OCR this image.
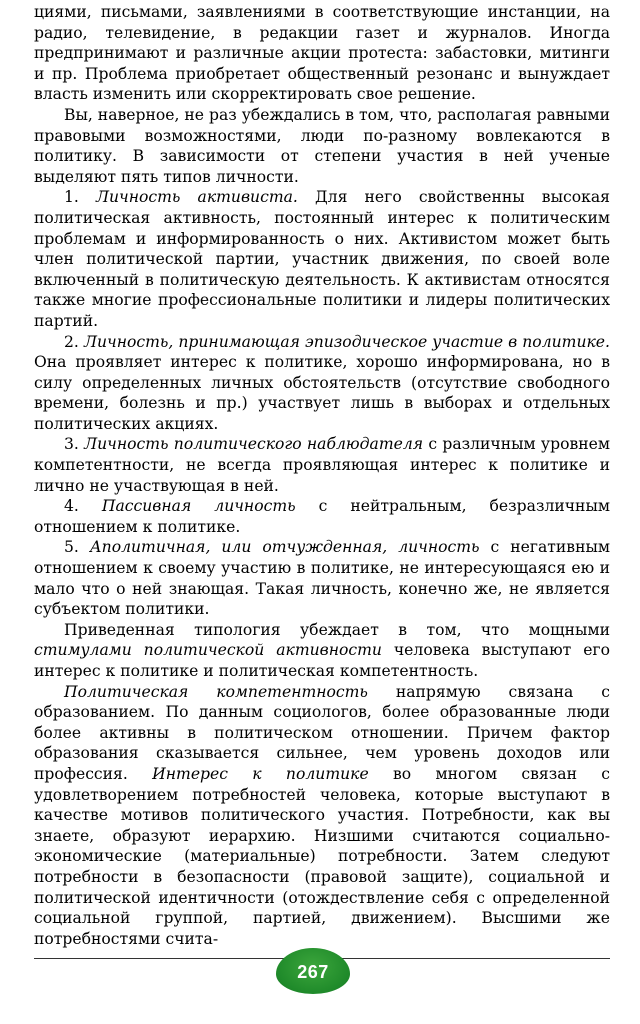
циями, письмами, заявлениями в соответствующие инстанции, на радио, телевидение, в редакции газет и журналов. Иногда предпринимают и различные акции протеста: забастовки, митинги и пр. Проблема приобретает общественный резонанс и вынуждает власть изменить или скорректировать свое решение.

Вы, наверное, не раз убеждались в том, что, располагая равными правовыми возможностями, люди по-разному вовлекаются в политику. В зависимости от степени участия в ней ученые выделяют пять типов личности.

1. Личность активиста. Для него свойственны высокая политическая активность, постоянный интерес к политическим проблемам и информированность о них. Активистом может быть член политической партии, участник движения, по своей воле включенный в политическую деятельность. К активистам относятся также многие профессиональные политики и лидеры политических партий.

2. Личность, принимающая эпизодическое участие в политике. Она проявляет интерес к политике, хорошо информирована, но в силу определенных личных обстоятельств (отсутствие свободного времени, болезнь и пр.) участвует лишь в выборах и отдельных политических акциях.

3. Личность политического наблюдателя с различным уровнем компетентности, не всегда проявляющая интерес к политике и лично не участвующая в ней.

4. Пассивная личность с нейтральным, безразличным отношением к политике.

5. Аполитичная, или отчужденная, личность с негативным отношением к своему участию в политике, не интересующаяся ею и мало что о ней знающая. Такая личность, конечно же, не является субъектом политики.

Приведенная типология убеждает в том, что мощными стимулами политической активности человека выступают его интерес к политике и политическая компетентность.

Политическая компетентность напрямую связана с образованием. По данным социологов, более образованные люди более активны в политическом отношении. Причем фактор образования сказывается сильнее, чем уровень доходов или профессия. Интерес к политике во многом связан с удовлетворением потребностей человека, которые выступают в качестве мотивов политического участия. Потребности, как вы знаете, образуют иерархию. Низшими считаются социально-экономические (материальные) потребности. Затем следуют потребности в безопасности (правовой защите), социальной и политической идентичности (отождествление себя с определенной социальной группой, партией, движением). Высшими же потребностями счита-

267
